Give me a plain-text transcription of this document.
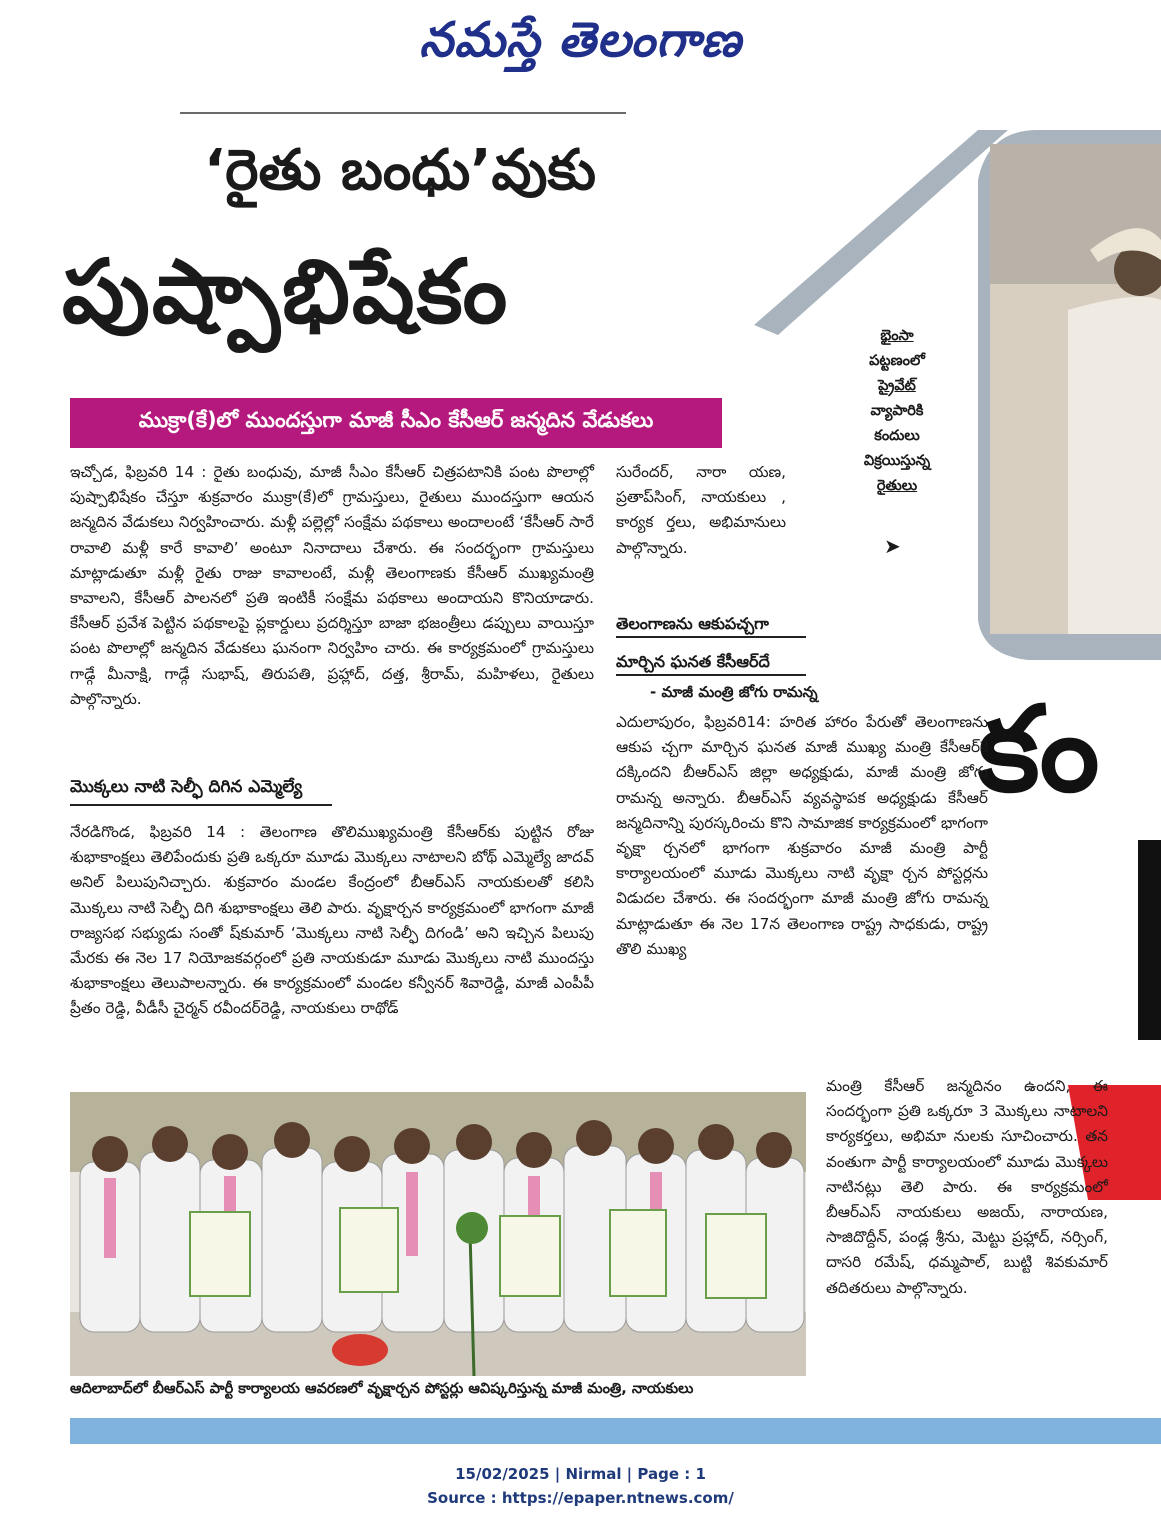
నమస్తే తెలంగాణ
కం
భైంసా
పట్టణంలో
ప్రైవేట్
వ్యాపారికి
కందులు
విక్రయిస్తున్న
రైతులు
➤
‘రైతు బంధు’వుకు
పుష్పాభిషేకం
ముక్రా(కే)లో ముందస్తుగా మాజీ సీఎం కేసీఆర్ జన్మదిన వేడుకలు

ఇచ్చోడ, ఫిబ్రవరి 14 : రైతు బంధువు, మాజీ సీఎం కేసీఆర్ చిత్రపటానికి పంట పొలాల్లో పుష్పాభిషేకం చేస్తూ శుక్రవారం ముక్రా(కే)లో గ్రామస్తులు, రైతులు ముందస్తుగా ఆయన జన్మదిన వేడుకలు నిర్వహించారు. మళ్లీ పల్లెల్లో సంక్షేమ పథకాలు అందాలంటే ‘కేసీఆర్ సారే రావాలి మళ్లీ కారే కావాలి’ అంటూ నినాదాలు చేశారు. ఈ సందర్భంగా గ్రామస్తులు మాట్లాడుతూ మళ్లీ రైతు రాజు కావాలంటే, మళ్లీ తెలంగాణకు కేసీఆర్ ముఖ్యమంత్రి కావాలని, కేసీఆర్ పాలనలో ప్రతి ఇంటికీ సంక్షేమ పథకాలు అందాయని కొనియాడారు. కేసీఆర్ ప్రవేశ పెట్టిన పథకాలపై ప్లకార్డులు ప్రదర్శిస్తూ బాజా భజంత్రీలు డప్పులు వాయిస్తూ పంట పొలాల్లో జన్మదిన వేడుకలు ఘనంగా నిర్వహిం చారు. ఈ కార్యక్రమంలో గ్రామస్తులు గాడ్గే మీనాక్షి, గాడ్గే సుభాష్, తిరుపతి, ప్రహ్లాద్, దత్త, శ్రీరామ్, మహిళలు, రైతులు పాల్గొన్నారు.

మొక్కలు నాటి సెల్ఫీ దిగిన ఎమ్మెల్యే

నేరడిగొండ, ఫిబ్రవరి 14 : తెలంగాణ తొలిముఖ్యమంత్రి కేసీఆర్‌కు పుట్టిన రోజు శుభాకాంక్షలు తెలిపేందుకు ప్రతి ఒక్కరూ మూడు మొక్కలు నాటాలని బోథ్ ఎమ్మెల్యే జాదవ్ అనిల్ పిలుపునిచ్చారు. శుక్రవారం మండల కేంద్రంలో బీఆర్ఎస్ నాయకులతో కలిసి మొక్కలు నాటి సెల్ఫీ దిగి శుభాకాంక్షలు తెలి పారు. వృక్షార్చన కార్యక్రమంలో భాగంగా మాజీ రాజ్యసభ సభ్యుడు సంతో ష్‌కుమార్ ‘మొక్కలు నాటి సెల్ఫీ దిగండి’ అని ఇచ్చిన పిలుపు మేరకు ఈ నెల 17 నియోజకవర్గంలో ప్రతి నాయకుడూ మూడు మొక్కలు నాటి ముందస్తు శుభాకాంక్షలు తెలుపాలన్నారు. ఈ కార్యక్రమంలో మండల కన్వీనర్ శివారెడ్డి, మాజీ ఎంపీపీ ప్రీతం రెడ్డి, వీడీసీ చైర్మన్ రవీందర్‌రెడ్డి, నాయకులు రాథోడ్

సురేందర్, నారా యణ, ప్రతాప్‌సింగ్, నాయకులు , కార్యక ర్తలు, అభిమానులు పాల్గొన్నారు.

తెలంగాణను ఆకుపచ్చగా
మార్చిన ఘనత కేసీఆర్‌దే
- మాజీ మంత్రి జోగు రామన్న

ఎదులాపురం, ఫిబ్రవరి14: హరిత హారం పేరుతో తెలంగాణను ఆకుప చ్చగా మార్చిన ఘనత మాజీ ముఖ్య మంత్రి కేసీఆర్‌కే దక్కిందని బీఆర్ఎస్ జిల్లా అధ్యక్షుడు, మాజీ మంత్రి జోగు రామన్న అన్నారు. బీఆర్ఎస్ వ్యవస్థాపక అధ్యక్షుడు కేసీఆర్ జన్మదినాన్ని పురస్కరించు కొని సామాజిక కార్యక్రమంలో భాగంగా వృక్షా ర్చనలో భాగంగా శుక్రవారం మాజీ మంత్రి పార్టీ కార్యాలయంలో మూడు మొక్కలు నాటి వృక్షా ర్చన పోస్టర్లను విడుదల చేశారు. ఈ సందర్భంగా మాజీ మంత్రి జోగు రామన్న మాట్లాడుతూ ఈ నెల 17న తెలంగాణ రాష్ట్ర సాధకుడు, రాష్ట్ర తొలి ముఖ్య

మంత్రి కేసీఆర్ జన్మదినం ఉందని, ఈ సందర్భంగా ప్రతి ఒక్కరూ 3 మొక్కలు నాటాలని కార్యకర్తలు, అభిమా నులకు సూచించారు. తన వంతుగా పార్టీ కార్యాలయంలో మూడు మొక్కలు నాటినట్లు తెలి పారు. ఈ కార్యక్రమంలో బీఆర్ఎస్ నాయకులు అజయ్, నారాయణ, సాజిదొద్దీన్, పండ్ల శ్రీను, మెట్టు ప్రహ్లాద్, నర్సింగ్, దాసరి రమేష్, ధమ్మపాల్, బుట్టి శివకుమార్ తదితరులు పాల్గొన్నారు.

ఆదిలాబాద్‌లో బీఆర్ఎస్ పార్టీ కార్యాలయ ఆవరణలో వృక్షార్చన పోస్టర్లు ఆవిష్కరిస్తున్న మాజీ మంత్రి, నాయకులు
15/02/2025 | Nirmal | Page : 1
Source : https://epaper.ntnews.com/
